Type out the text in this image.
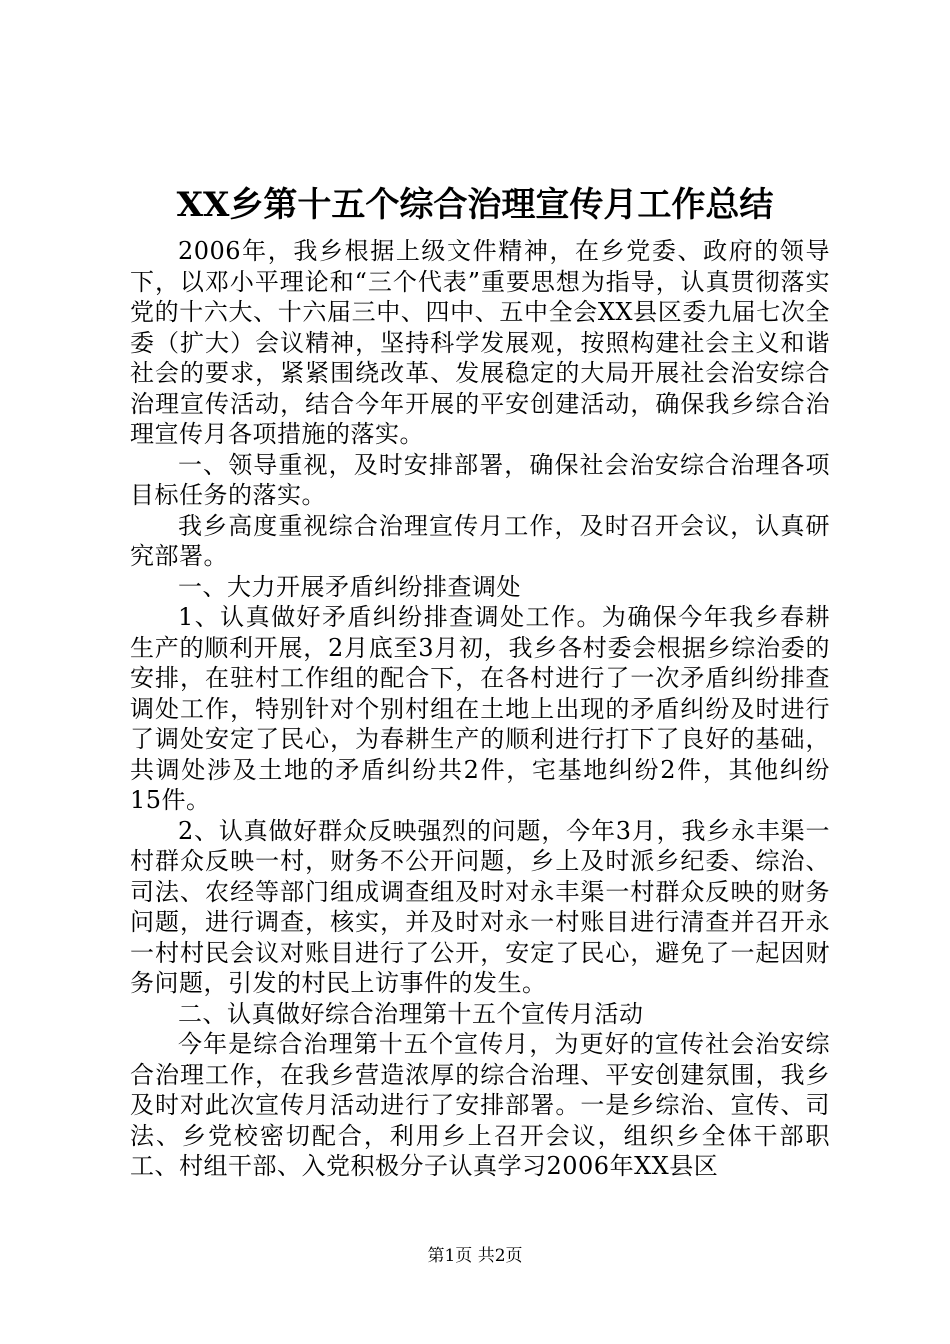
XX乡第十五个综合治理宣传月工作总结

2006年，我乡根据上级文件精神，在乡党委、政府的领导下，以邓小平理论和“三个代表”重要思想为指导，认真贯彻落实党的十六大、十六届三中、四中、五中全会XX县区委九届七次全委（扩大）会议精神，坚持科学发展观，按照构建社会主义和谐社会的要求，紧紧围绕改革、发展稳定的大局开展社会治安综合治理宣传活动，结合今年开展的平安创建活动，确保我乡综合治理宣传月各项措施的落实。

一、领导重视，及时安排部署，确保社会治安综合治理各项目标任务的落实。

我乡高度重视综合治理宣传月工作，及时召开会议，认真研究部署。

一、大力开展矛盾纠纷排查调处

1、认真做好矛盾纠纷排查调处工作。为确保今年我乡春耕生产的顺利开展，2月底至3月初，我乡各村委会根据乡综治委的安排，在驻村工作组的配合下，在各村进行了一次矛盾纠纷排查调处工作，特别针对个别村组在土地上出现的矛盾纠纷及时进行了调处安定了民心，为春耕生产的顺利进行打下了良好的基础，共调处涉及土地的矛盾纠纷共2件，宅基地纠纷2件，其他纠纷15件。

2、认真做好群众反映强烈的问题，今年3月，我乡永丰渠一村群众反映一村，财务不公开问题，乡上及时派乡纪委、综治、司法、农经等部门组成调查组及时对永丰渠一村群众反映的财务问题，进行调查，核实，并及时对永一村账目进行清查并召开永一村村民会议对账目进行了公开，安定了民心，避免了一起因财务问题，引发的村民上访事件的发生。

二、认真做好综合治理第十五个宣传月活动

今年是综合治理第十五个宣传月，为更好的宣传社会治安综合治理工作，在我乡营造浓厚的综合治理、平安创建氛围，我乡及时对此次宣传月活动进行了安排部署。一是乡综治、宣传、司法、乡党校密切配合，利用乡上召开会议，组织乡全体干部职工、村组干部、入党积极分子认真学习2006年XX县区

第1页 共2页
